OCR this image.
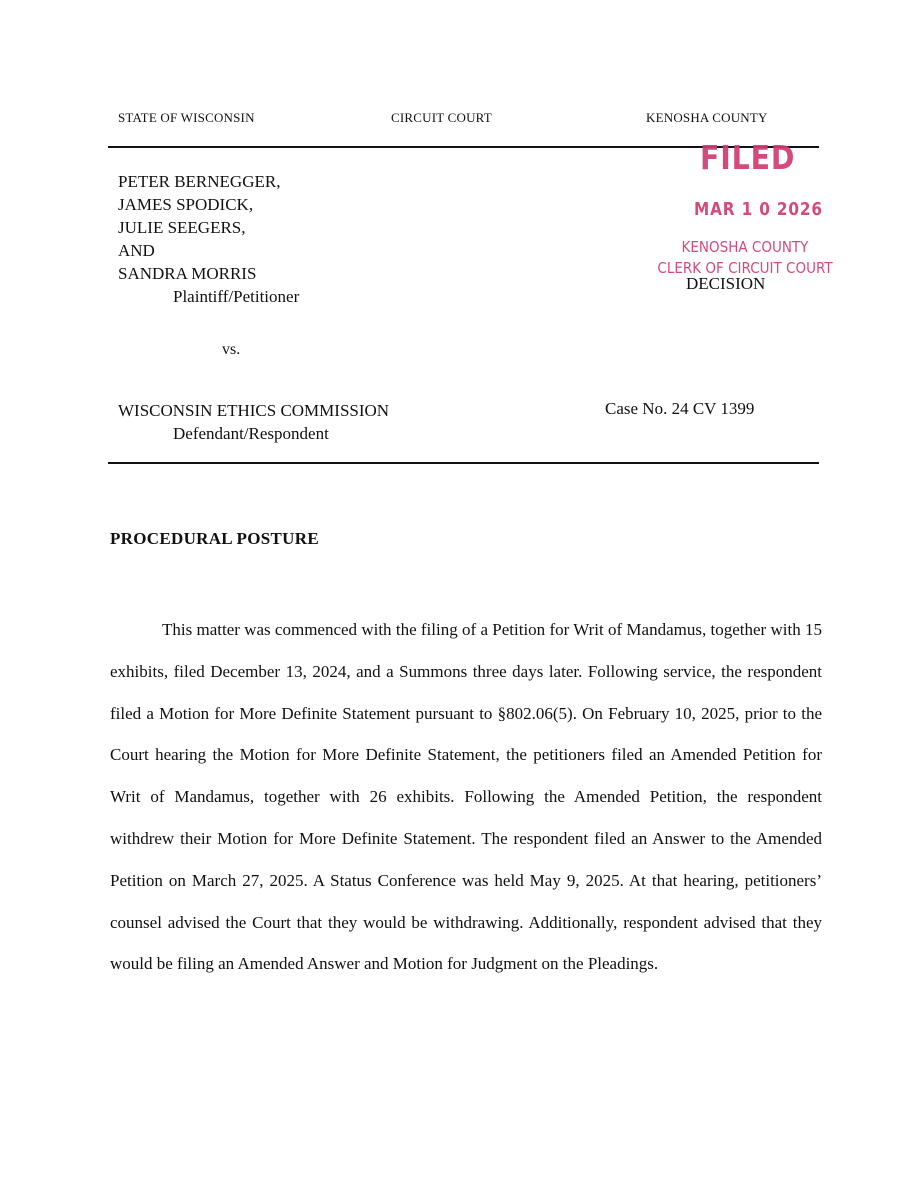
STATE OF WISCONSIN	CIRCUIT COURT	KENOSHA COUNTY
PETER BERNEGGER,
JAMES SPODICK,
JULIE SEEGERS,
AND
SANDRA MORRIS
Plaintiff/Petitioner
FILED
MAR 1 0 2026
KENOSHA COUNTY
CLERK OF CIRCUIT COURT
DECISION
vs.
WISCONSIN ETHICS COMMISSION
Defendant/Respondent
Case No. 24 CV 1399
PROCEDURAL POSTURE

This matter was commenced with the filing of a Petition for Writ of Mandamus, together with 15 exhibits, filed December 13, 2024, and a Summons three days later. Following service, the respondent filed a Motion for More Definite Statement pursuant to §802.06(5). On February 10, 2025, prior to the Court hearing the Motion for More Definite Statement, the petitioners filed an Amended Petition for Writ of Mandamus, together with 26 exhibits. Following the Amended Petition, the respondent withdrew their Motion for More Definite Statement. The respondent filed an Answer to the Amended Petition on March 27, 2025. A Status Conference was held May 9, 2025. At that hearing, petitioners’ counsel advised the Court that they would be withdrawing. Additionally, respondent advised that they would be filing an Amended Answer and Motion for Judgment on the Pleadings.
